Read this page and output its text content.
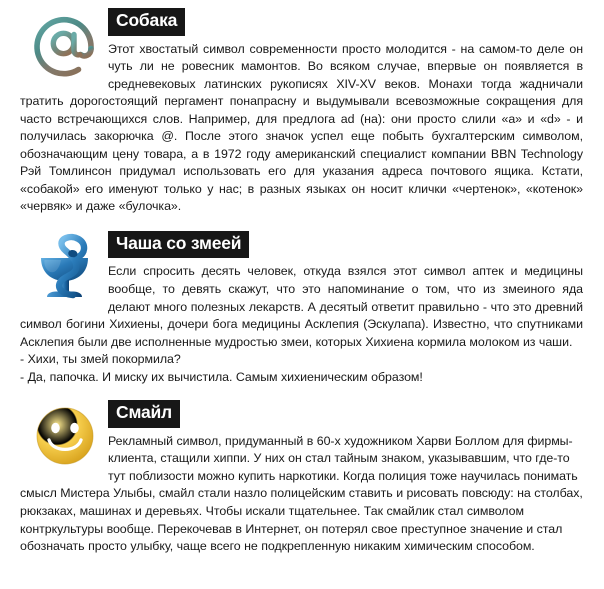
Собака
Этот хвостатый символ современности просто молодится - на самом-то деле он чуть ли не ровесник мамонтов. Во всяком случае, впервые он появляется в средневековых латинских рукописях XIV-XV веков. Монахи тогда жадничали тратить дорогостоящий пергамент понапрасну и выдумывали всевозможные сокращения для часто встречающихся слов. Например, для предлога ad (на): они просто слили «a» и «d» - и получилась закорючка @. После этого значок успел еще побыть бухгалтерским символом, обозначающим цену товара, а в 1972 году американский специалист компании BBN Technology Рэй Томлинсон придумал использовать его для указания адреса почтового ящика. Кстати, «собакой» его именуют только у нас; в разных языках он носит клички «чертенок», «котенок» «червяк» и даже «булочка».
Чаша со змеей
Если спросить десять человек, откуда взялся этот символ аптек и медицины вообще, то девять скажут, что это напоминание о том, что из змеиного яда делают много полезных лекарств. А десятый ответит правильно - что это древний символ богини Хихиены, дочери бога медицины Асклепия (Эскулапа). Известно, что спутниками Асклепия были две исполненные мудростью змеи, которых Хихиена кормила молоком из чаши.
- Хихи, ты змей покормила?
- Да, папочка. И миску их вычистила. Самым хихиеническим образом!
Смайл
Рекламный символ, придуманный в 60-х художником Харви Боллом для фирмы-клиента, стащили хиппи. У них он стал тайным знаком, указывавшим, что где-то тут поблизости можно купить наркотики. Когда полиция тоже научилась понимать смысл Мистера Улыбы, смайл стали назло полицейским ставить и рисовать повсюду: на столбах, рюкзаках, машинах и деревьях. Чтобы искали тщательнее. Так смайлик стал символом контркультуры вообще. Перекочевав в Интернет, он потерял свое преступное значение и стал обозначать просто улыбку, чаще всего не подкрепленную никаким химическим способом.
